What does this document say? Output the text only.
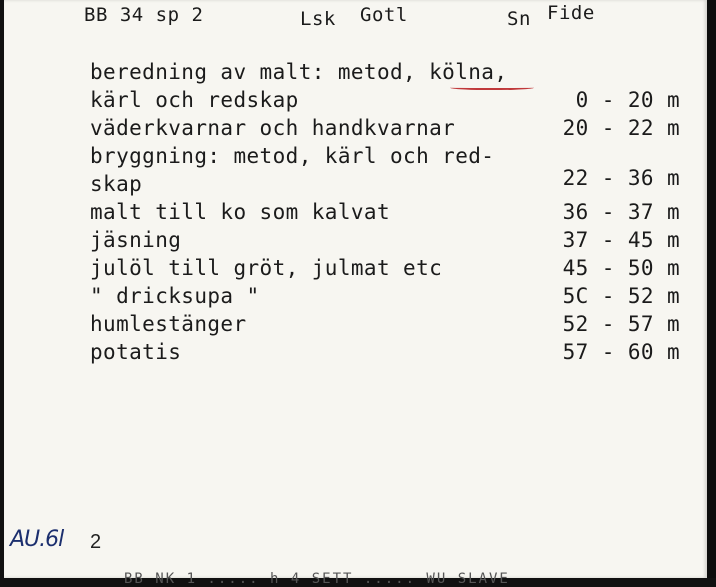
BB 34 sp 2	Lsk Gotl	Sn Fide
beredning av malt: metod, kölna,
kärl och redskap	0 - 20 m
väderkvarnar och handkvarnar	20 - 22 m
bryggning: metod, kärl och red-
skap	22 - 36 m
malt till ko som kalvat	36 - 37 m
jäsning	37 - 45 m
julöl till gröt, julmat etc	45 - 50 m
" dricksupa "	5C - 52 m
humlestänger	52 - 57 m
potatis	57 - 60 m
AU.6l 2
BB NK 1 ..... h 4 SETT ..... WU SLAVE
